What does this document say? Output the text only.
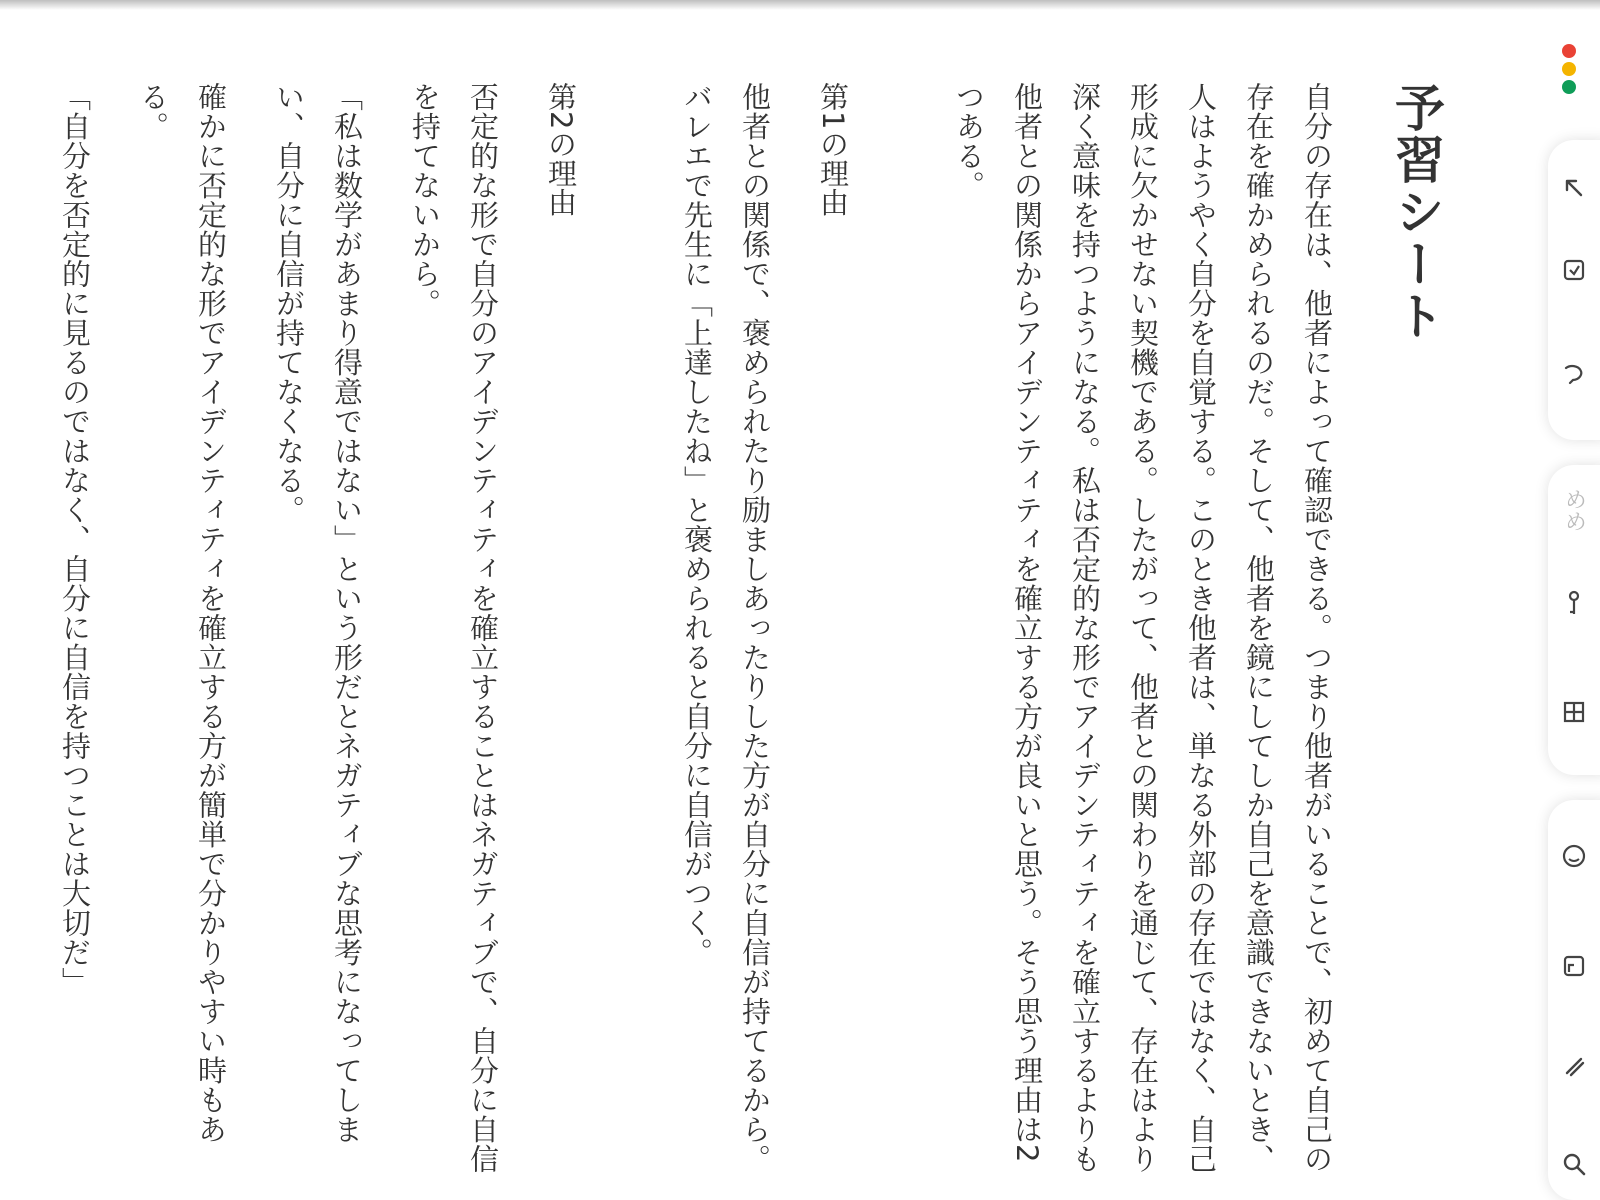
予習シート

自分の存在は、他者によって確認できる。つまり他者がいることで、初めて自己の存在を確かめられるのだ。そして、他者を鏡にしてしか自己を意識できないとき、人はようやく自分を自覚する。このとき他者は、単なる外部の存在ではなく、自己形成に欠かせない契機である。したがって、他者との関わりを通じて、存在はより深く意味を持つようになる。私は否定的な形でアイデンティティを確立するよりも他者との関係からアイデンティティを確立する方が良いと思う。そう思う理由は2つある。

第1の理由

他者との関係で、褒められたり励ましあったりした方が自分に自信が持てるから。バレエで先生に「上達したね」と褒められると自分に自信がつく。

第2の理由

否定的な形で自分のアイデンティティを確立することはネガティブで、自分に自信を持てないから。

「私は数学があまり得意ではない」という形だとネガティブな思考になってしまい、自分に自信が持てなくなる。

確かに否定的な形でアイデンティティを確立する方が簡単で分かりやすい時もある。

「自分を否定的に見るのではなく、自分に自信を持つことは大切だ」	めめ
